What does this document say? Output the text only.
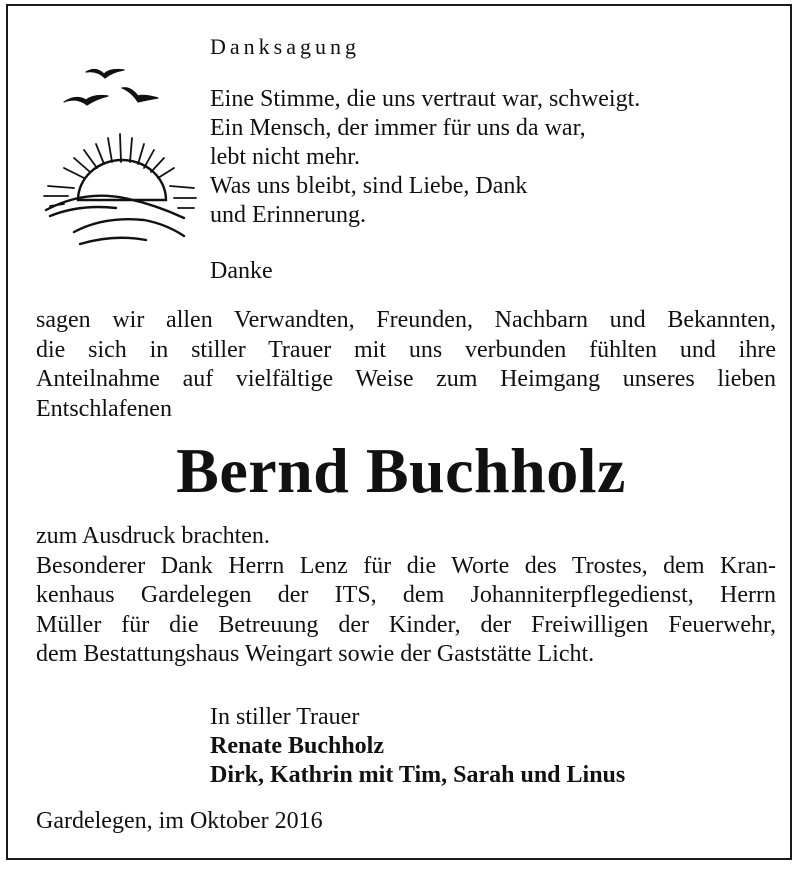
Danksagung
Eine Stimme, die uns vertraut war, schweigt.
Ein Mensch, der immer für uns da war,
lebt nicht mehr.
Was uns bleibt, sind Liebe, Dank
und Erinnerung.
Danke
sagen wir allen Verwandten, Freunden, Nachbarn und Bekannten,
die sich in stiller Trauer mit uns verbunden fühlten und ihre
Anteilnahme auf vielfältige Weise zum Heimgang unseres lieben
Entschlafenen
Bernd Buchholz
zum Ausdruck brachten.
Besonderer Dank Herrn Lenz für die Worte des Trostes, dem Kran-
kenhaus Gardelegen der ITS, dem Johanniterpflegedienst, Herrn
Müller für die Betreuung der Kinder, der Freiwilligen Feuerwehr,
dem Bestattungshaus Weingart sowie der Gaststätte Licht.
In stiller Trauer
Renate Buchholz
Dirk, Kathrin mit Tim, Sarah und Linus
Gardelegen, im Oktober 2016
